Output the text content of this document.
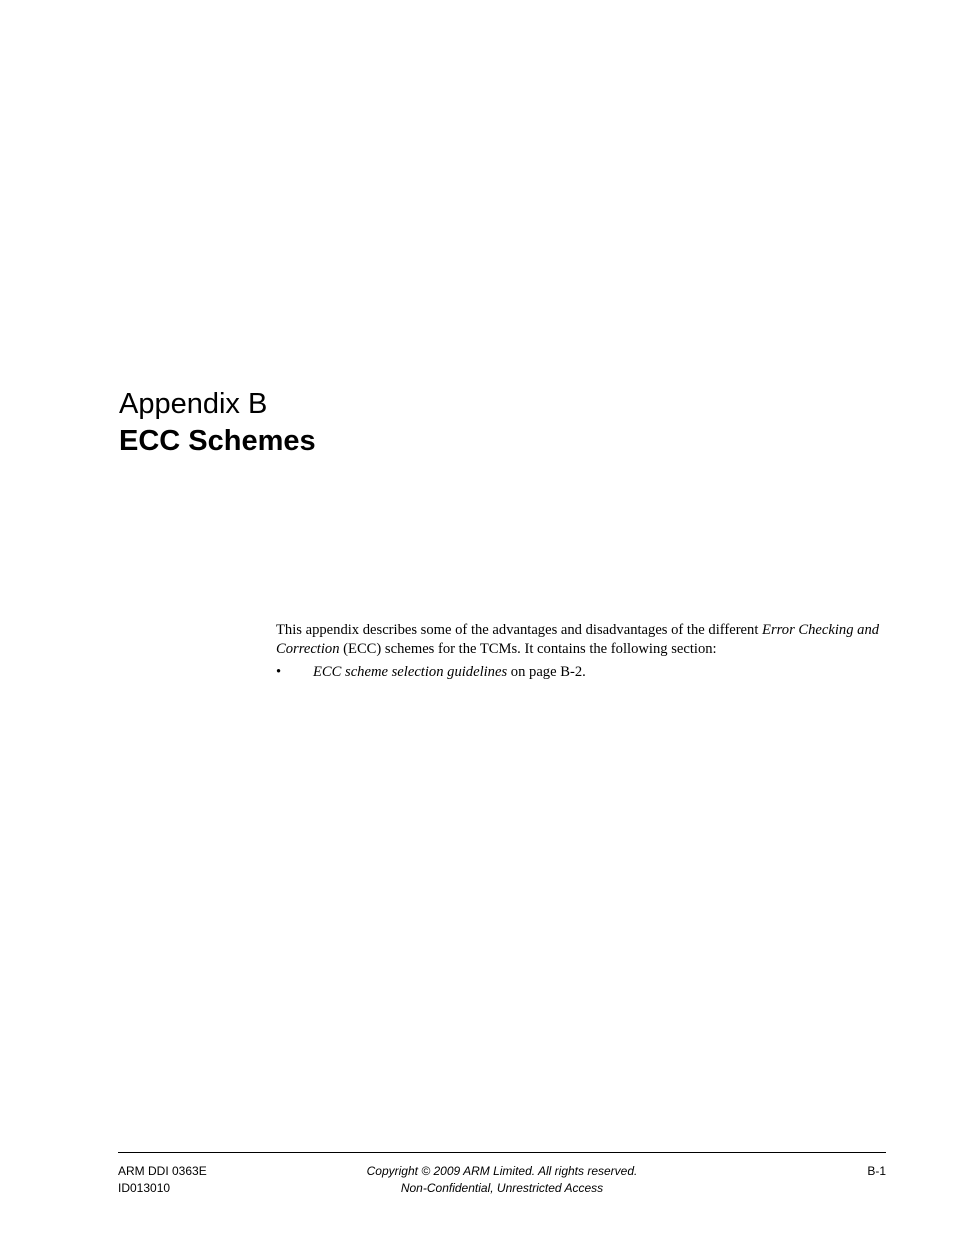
Appendix B
ECC Schemes

This appendix describes some of the advantages and disadvantages of the different Error Checking and Correction (ECC) schemes for the TCMs. It contains the following section:

• ECC scheme selection guidelines on page B-2.
ARM DDI 0363E
ID013010
Copyright © 2009 ARM Limited. All rights reserved.
Non-Confidential, Unrestricted Access
B-1
